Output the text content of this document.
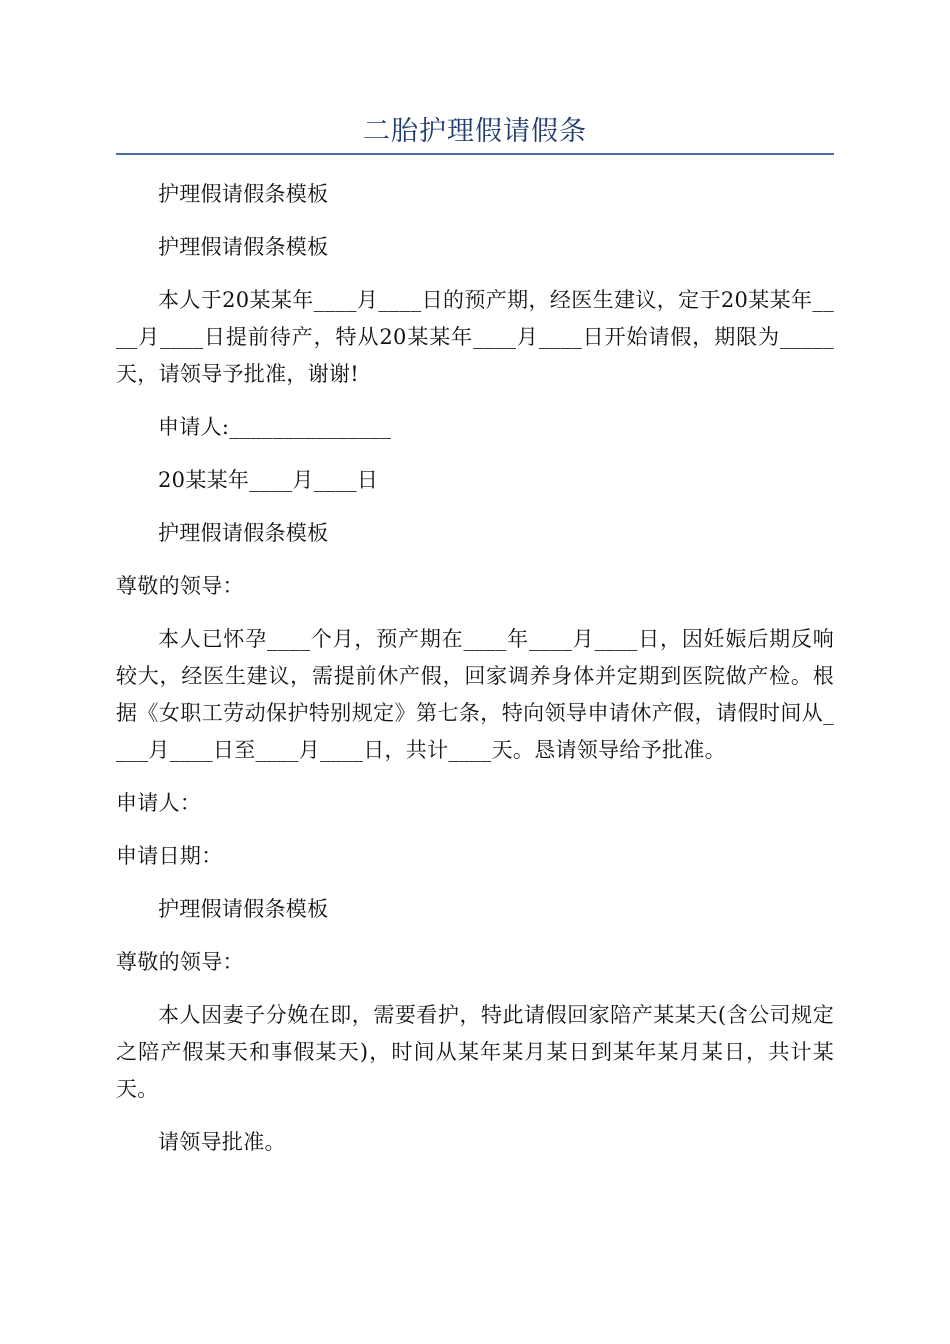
二胎护理假请假条

护理假请假条模板

护理假请假条模板

本人于20某某年____月____日的预产期，经医生建议，定于20某某年____月____日提前待产，特从20某某年____月____日开始请假，期限为_____天，请领导予批准，谢谢!

申请人:_______________

20某某年____月____日

护理假请假条模板

尊敬的领导：

本人已怀孕____个月，预产期在____年____月____日，因妊娠后期反响较大，经医生建议，需提前休产假，回家调养身体并定期到医院做产检。根据《女职工劳动保护特别规定》第七条，特向领导申请休产假，请假时间从____月____日至____月____日，共计____天。恳请领导给予批准。

申请人：

申请日期：

护理假请假条模板

尊敬的领导：

本人因妻子分娩在即，需要看护，特此请假回家陪产某某天(含公司规定之陪产假某天和事假某天)，时间从某年某月某日到某年某月某日，共计某天。

请领导批准。
